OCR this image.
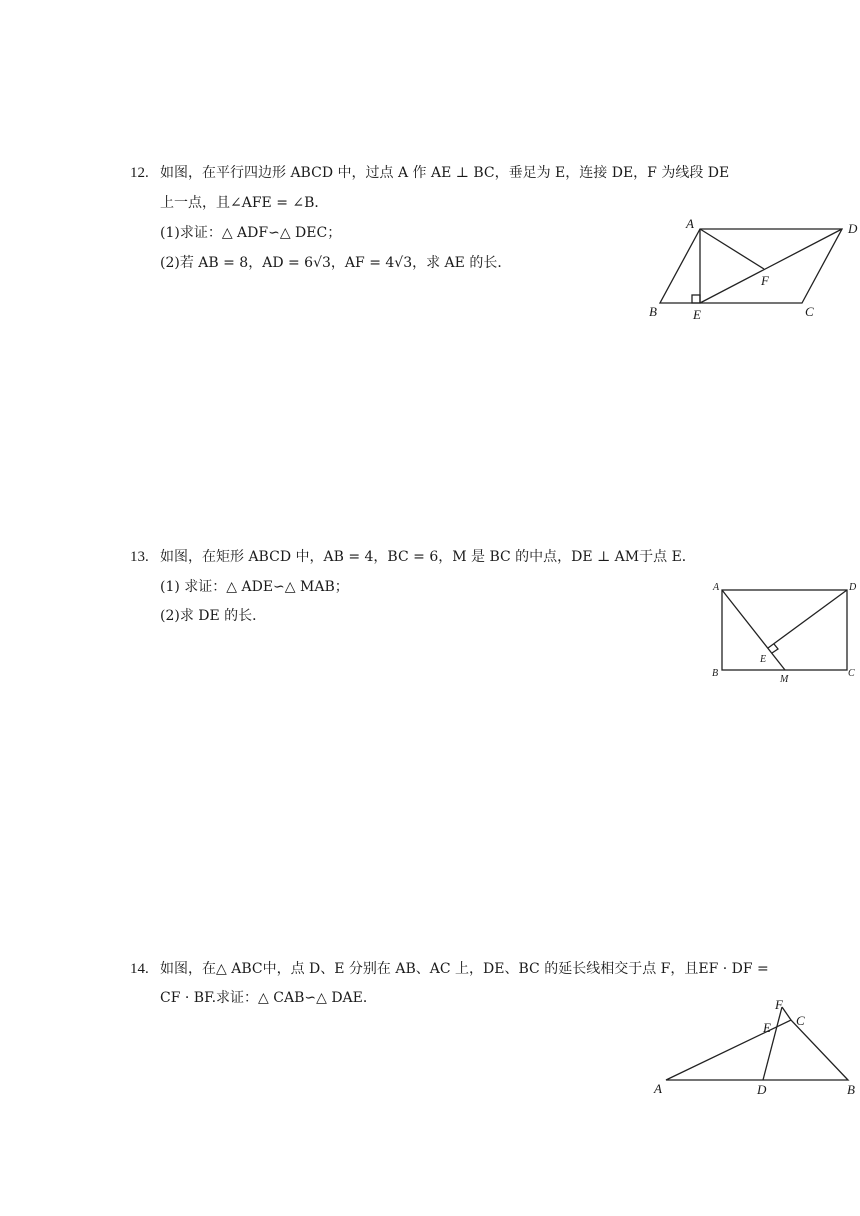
12. 如图，在平行四边形 ABCD 中，过点 A 作 AE ⊥ BC，垂足为 E，连接 DE，F 为线段 DE
上一点，且∠AFE = ∠B．
(1)求证：△ ADF∽△ DEC；
(2)若 AB = 8，AD = 6√3，AF = 4√3，求 AE 的长．
A	D
F
B	E	C
13. 如图，在矩形 ABCD 中，AB = 4，BC = 6，M 是 BC 的中点，DE ⊥ AM于点 E．
(1) 求证：△ ADE∽△ MAB；
(2)求 DE 的长．
A	D
E
B
M
C
14. 如图，在△ ABC中，点 D、E 分别在 AB、AC 上，DE、BC 的延长线相交于点 F，且EF · DF =
CF · BF.求证：△ CAB∽△ DAE．	F
E C
A	D	B
